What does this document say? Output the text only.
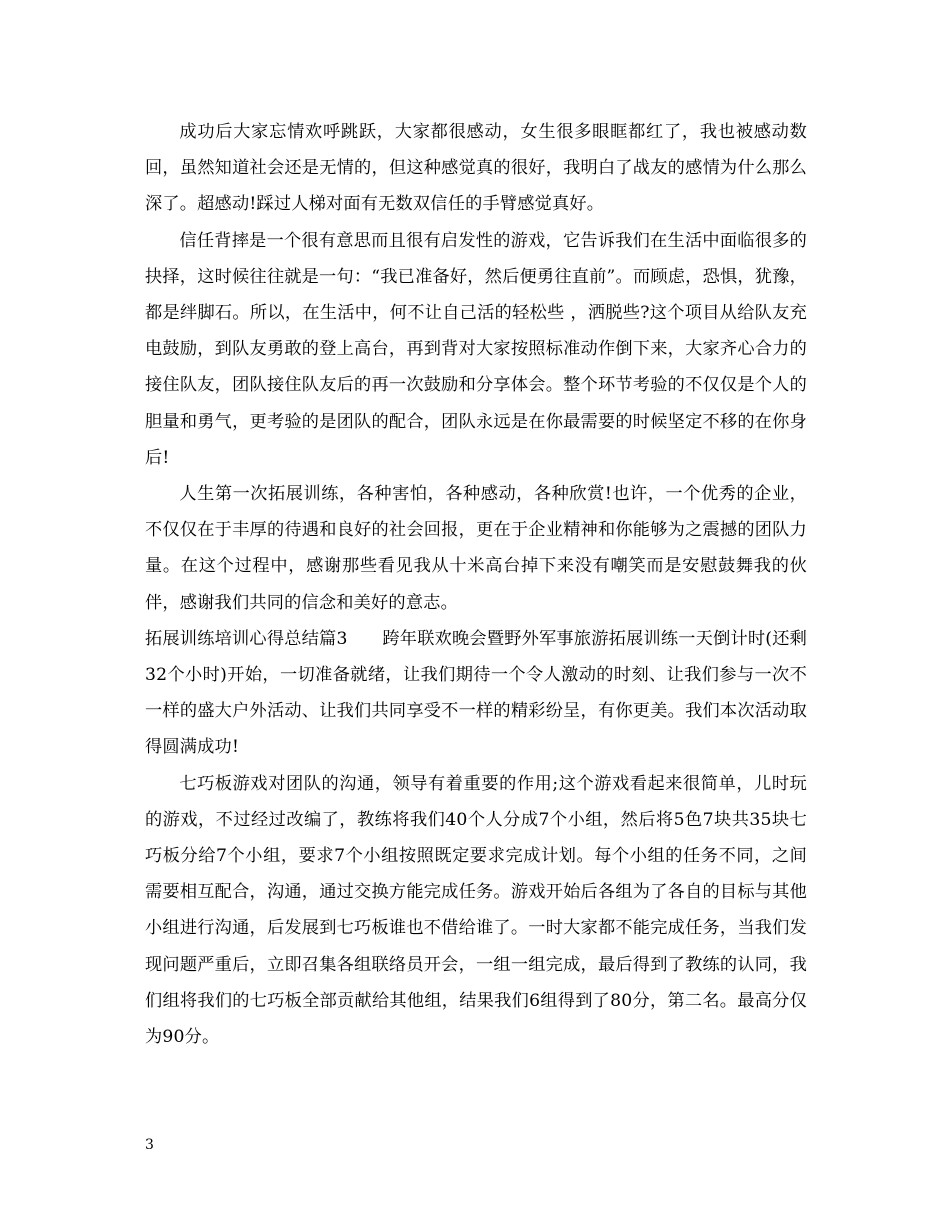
成功后大家忘情欢呼跳跃，大家都很感动，女生很多眼眶都红了，我也被感动数回，虽然知道社会还是无情的，但这种感觉真的很好，我明白了战友的感情为什么那么深了。超感动!踩过人梯对面有无数双信任的手臂感觉真好。

信任背摔是一个很有意思而且很有启发性的游戏，它告诉我们在生活中面临很多的抉择，这时候往往就是一句：“我已准备好，然后便勇往直前”。而顾虑，恐惧，犹豫，都是绊脚石。所以，在生活中，何不让自己活的轻松些 ，洒脱些?这个项目从给队友充电鼓励，到队友勇敢的登上高台，再到背对大家按照标准动作倒下来，大家齐心合力的接住队友，团队接住队友后的再一次鼓励和分享体会。整个环节考验的不仅仅是个人的胆量和勇气，更考验的是团队的配合，团队永远是在你最需要的时候坚定不移的在你身后!

人生第一次拓展训练，各种害怕，各种感动，各种欣赏!也许，一个优秀的企业，不仅仅在于丰厚的待遇和良好的社会回报，更在于企业精神和你能够为之震撼的团队力量。在这个过程中，感谢那些看见我从十米高台掉下来没有嘲笑而是安慰鼓舞我的伙伴，感谢我们共同的信念和美好的意志。

拓展训练培训心得总结篇3　　跨年联欢晚会暨野外军事旅游拓展训练一天倒计时(还剩32个小时)开始，一切准备就绪，让我们期待一个令人激动的时刻、让我们参与一次不一样的盛大户外活动、让我们共同享受不一样的精彩纷呈，有你更美。我们本次活动取得圆满成功!

七巧板游戏对团队的沟通，领导有着重要的作用;这个游戏看起来很简单，儿时玩的游戏，不过经过改编了，教练将我们40个人分成7个小组，然后将5色7块共35块七巧板分给7个小组，要求7个小组按照既定要求完成计划。每个小组的任务不同，之间需要相互配合，沟通，通过交换方能完成任务。游戏开始后各组为了各自的目标与其他小组进行沟通，后发展到七巧板谁也不借给谁了。一时大家都不能完成任务，当我们发现问题严重后，立即召集各组联络员开会，一组一组完成，最后得到了教练的认同，我们组将我们的七巧板全部贡献给其他组，结果我们6组得到了80分，第二名。最高分仅为90分。

3
